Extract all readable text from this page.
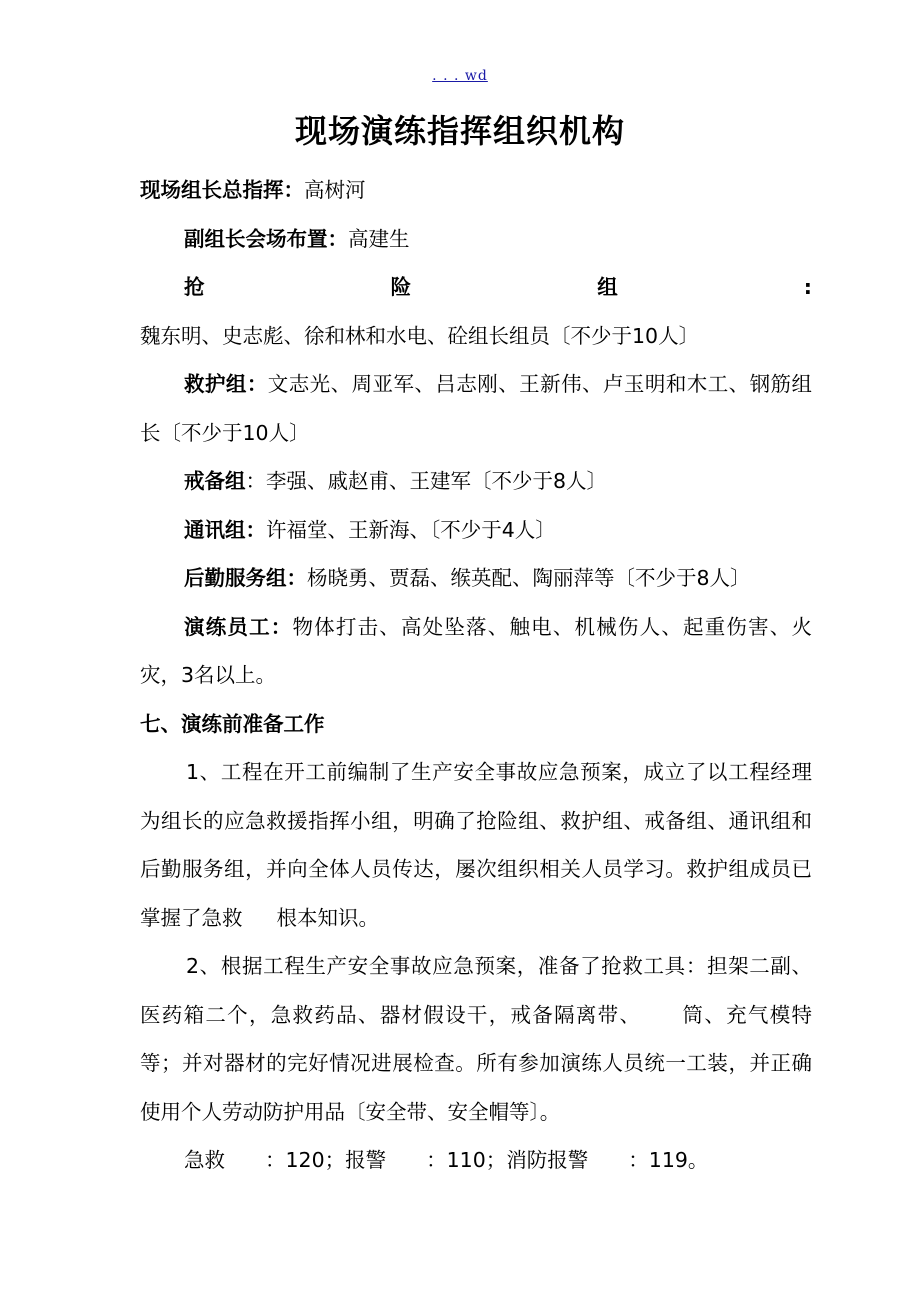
. . . wd
现场演练指挥组织机构

现场组长总指挥：高树河

副组长会场布置：高建生

抢险组:魏东明、史志彪、徐和林和水电、砼组长组员〔不少于10人〕

救护组：文志光、周亚军、吕志刚、王新伟、卢玉明和木工、钢筋组长〔不少于10人〕

戒备组：李强、戚赵甫、王建军〔不少于8人〕

通讯组：许福堂、王新海、〔不少于4人〕

后勤服务组：杨晓勇、贾磊、缑英配、陶丽萍等〔不少于8人〕

演练员工：物体打击、高处坠落、触电、机械伤人、起重伤害、火灾，3名以上。

七、演练前准备工作

1、工程在开工前编制了生产安全事故应急预案，成立了以工程经理为组长的应急救援指挥小组，明确了抢险组、救护组、戒备组、通讯组和后勤服务组，并向全体人员传达，屡次组织相关人员学习。救护组成员已掌握了急救 根本知识。

2、根据工程生产安全事故应急预案，准备了抢救工具：担架二副、医药箱二个，急救药品、器材假设干，戒备隔离带、 筒、充气模特等；并对器材的完好情况进展检查。所有参加演练人员统一工装，并正确使用个人劳动防护用品〔安全带、安全帽等〕。

急救 ：120；报警 ：110；消防报警 ：119。
